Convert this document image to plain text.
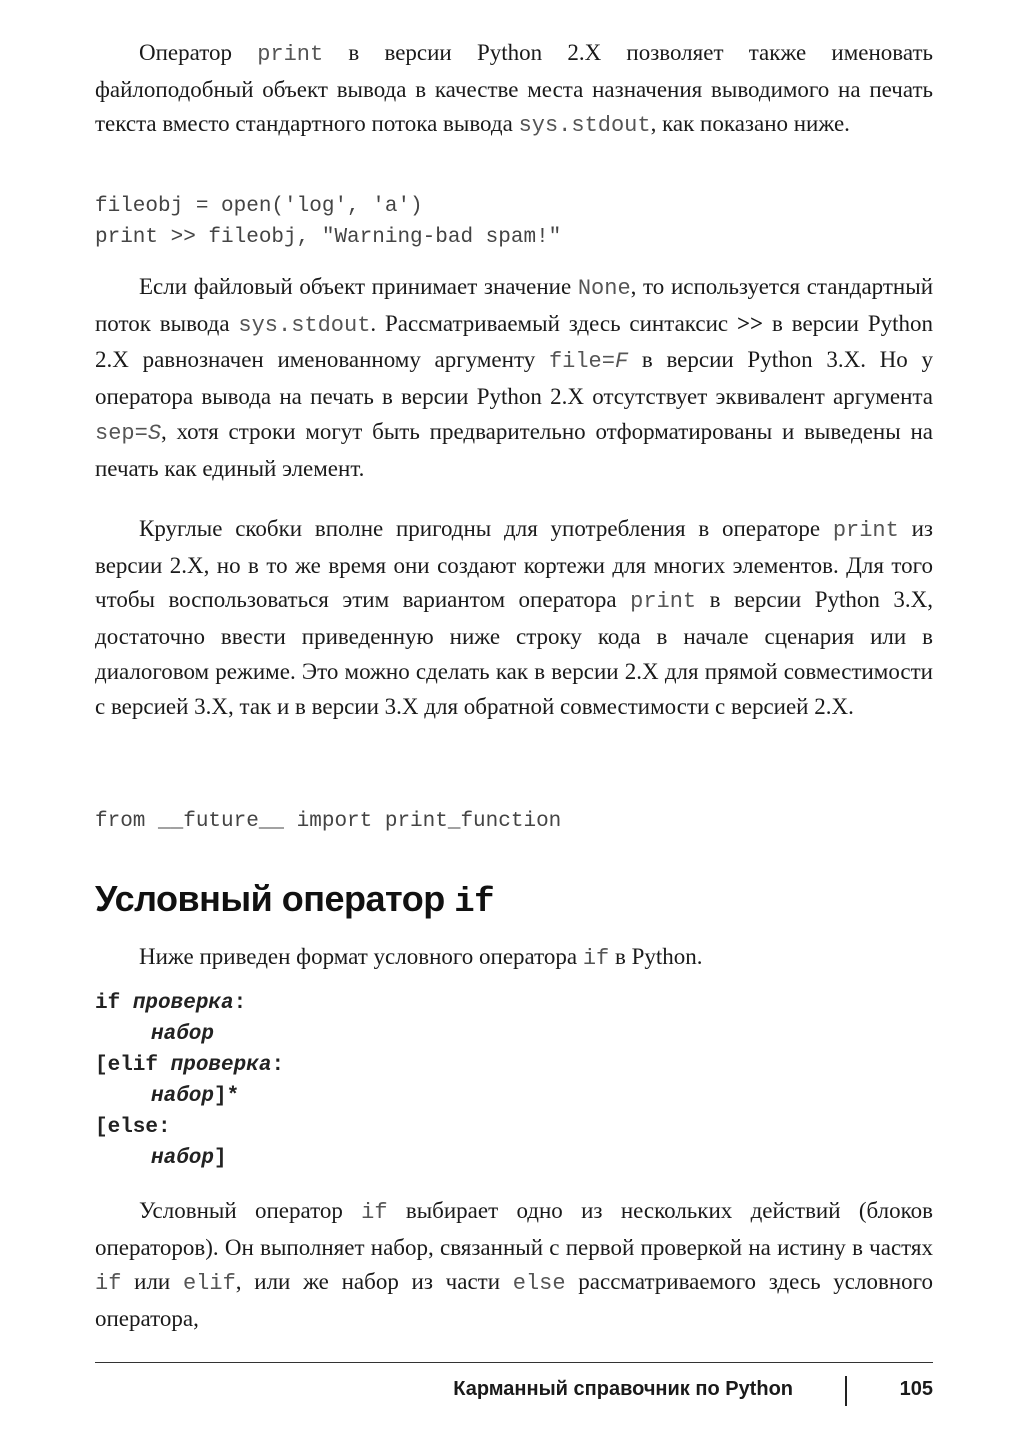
Оператор print в версии Python 2.X позволяет также именовать файлоподобный объект вывода в качестве места назначения выводимого на печать текста вместо стандартного потока вывода sys.stdout, как показано ниже.

fileobj = open('log', 'a')
print >> fileobj, "Warning-bad spam!"

Если файловый объект принимает значение None, то используется стандартный поток вывода sys.stdout. Рассматриваемый здесь синтаксис >> в версии Python 2.X равнозначен именованному аргументу file=F в версии Python 3.X. Но у оператора вывода на печать в версии Python 2.X отсутствует эквивалент аргумента sep=S, хотя строки могут быть предварительно отформатированы и выведены на печать как единый элемент.

Круглые скобки вполне пригодны для употребления в операторе print из версии 2.X, но в то же время они создают кортежи для многих элементов. Для того чтобы воспользоваться этим вариантом оператора print в версии Python 3.X, достаточно ввести приведенную ниже строку кода в начале сценария или в диалоговом режиме. Это можно сделать как в версии 2.X для прямой совместимости с версией 3.X, так и в версии 3.X для обратной совместимости с версией 2.X.

from __future__ import print_function
Условный оператор if

Ниже приведен формат условного оператора if в Python.

if проверка:
набор
[elif проверка:
набор]*
[else:
набор]

Условный оператор if выбирает одно из нескольких действий (блоков операторов). Он выполняет набор, связанный с первой проверкой на истину в частях if или elif, или же набор из части else рассматриваемого здесь условного оператора,

Карманный справочник по Python	105
